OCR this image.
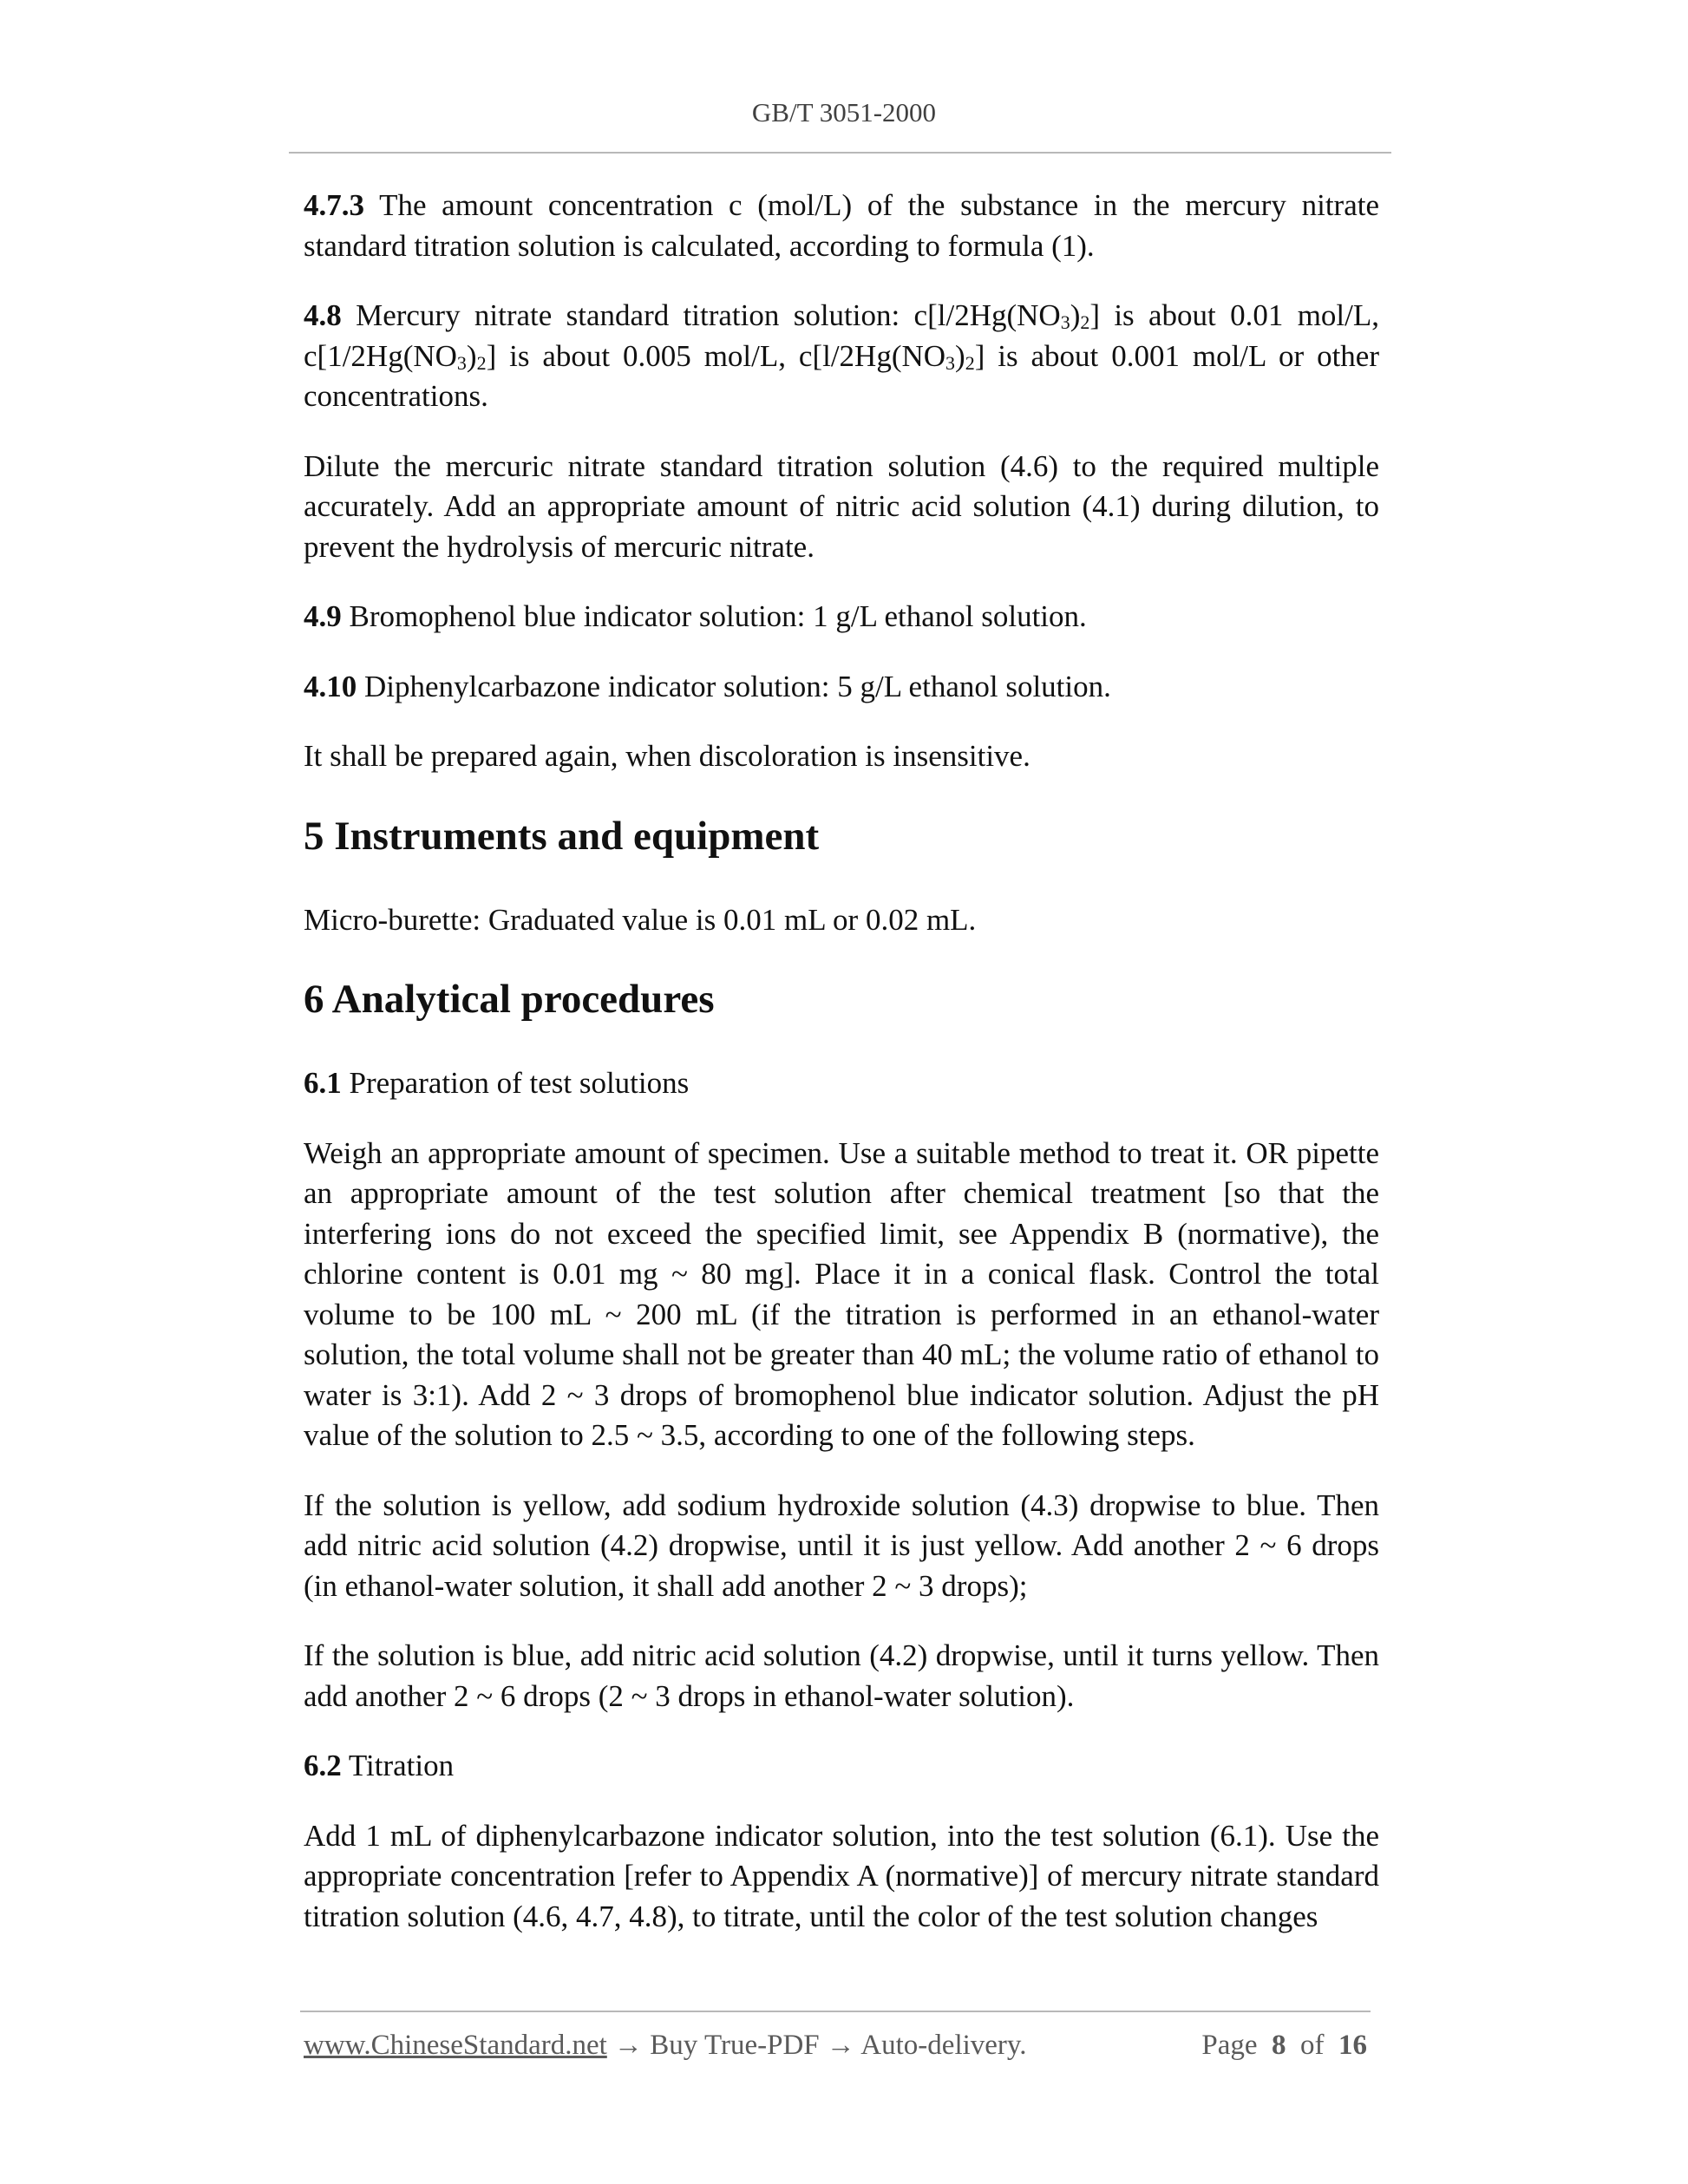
GB/T 3051-2000

4.7.3 The amount concentration c (mol/L) of the substance in the mercury nitrate standard titration solution is calculated, according to formula (1).

4.8 Mercury nitrate standard titration solution: $c[l/2Hg(NO_3)_2]$ is about 0.01 mol/L, $c[1/2Hg(NO_3)_2]$ is about 0.005 mol/L, $c[l/2Hg(NO_3)_2]$ is about 0.001 mol/L or other concentrations.

Dilute the mercuric nitrate standard titration solution (4.6) to the required multiple accurately. Add an appropriate amount of nitric acid solution (4.1) during dilution, to prevent the hydrolysis of mercuric nitrate.

4.9 Bromophenol blue indicator solution: 1 g/L ethanol solution.

4.10 Diphenylcarbazone indicator solution: 5 g/L ethanol solution.

It shall be prepared again, when discoloration is insensitive.

5 Instruments and equipment

Micro-burette: Graduated value is 0.01 mL or 0.02 mL.

6 Analytical procedures

6.1 Preparation of test solutions

Weigh an appropriate amount of specimen. Use a suitable method to treat it. OR pipette an appropriate amount of the test solution after chemical treatment [so that the interfering ions do not exceed the specified limit, see Appendix B (normative), the chlorine content is 0.01 mg ~ 80 mg]. Place it in a conical flask. Control the total volume to be 100 mL ~ 200 mL (if the titration is performed in an ethanol-water solution, the total volume shall not be greater than 40 mL; the volume ratio of ethanol to water is 3:1). Add 2 ~ 3 drops of bromophenol blue indicator solution. Adjust the pH value of the solution to 2.5 ~ 3.5, according to one of the following steps.

If the solution is yellow, add sodium hydroxide solution (4.3) dropwise to blue. Then add nitric acid solution (4.2) dropwise, until it is just yellow. Add another 2 ~ 6 drops (in ethanol-water solution, it shall add another 2 ~ 3 drops);

If the solution is blue, add nitric acid solution (4.2) dropwise, until it turns yellow. Then add another 2 ~ 6 drops (2 ~ 3 drops in ethanol-water solution).

6.2 Titration

Add 1 mL of diphenylcarbazone indicator solution, into the test solution (6.1). Use the appropriate concentration [refer to Appendix A (normative)] of mercury nitrate standard titration solution (4.6, 4.7, 4.8), to titrate, until the color of the test solution changes

www.ChineseStandard.net → Buy True-PDF → Auto-delivery.	Page 8 of 16
